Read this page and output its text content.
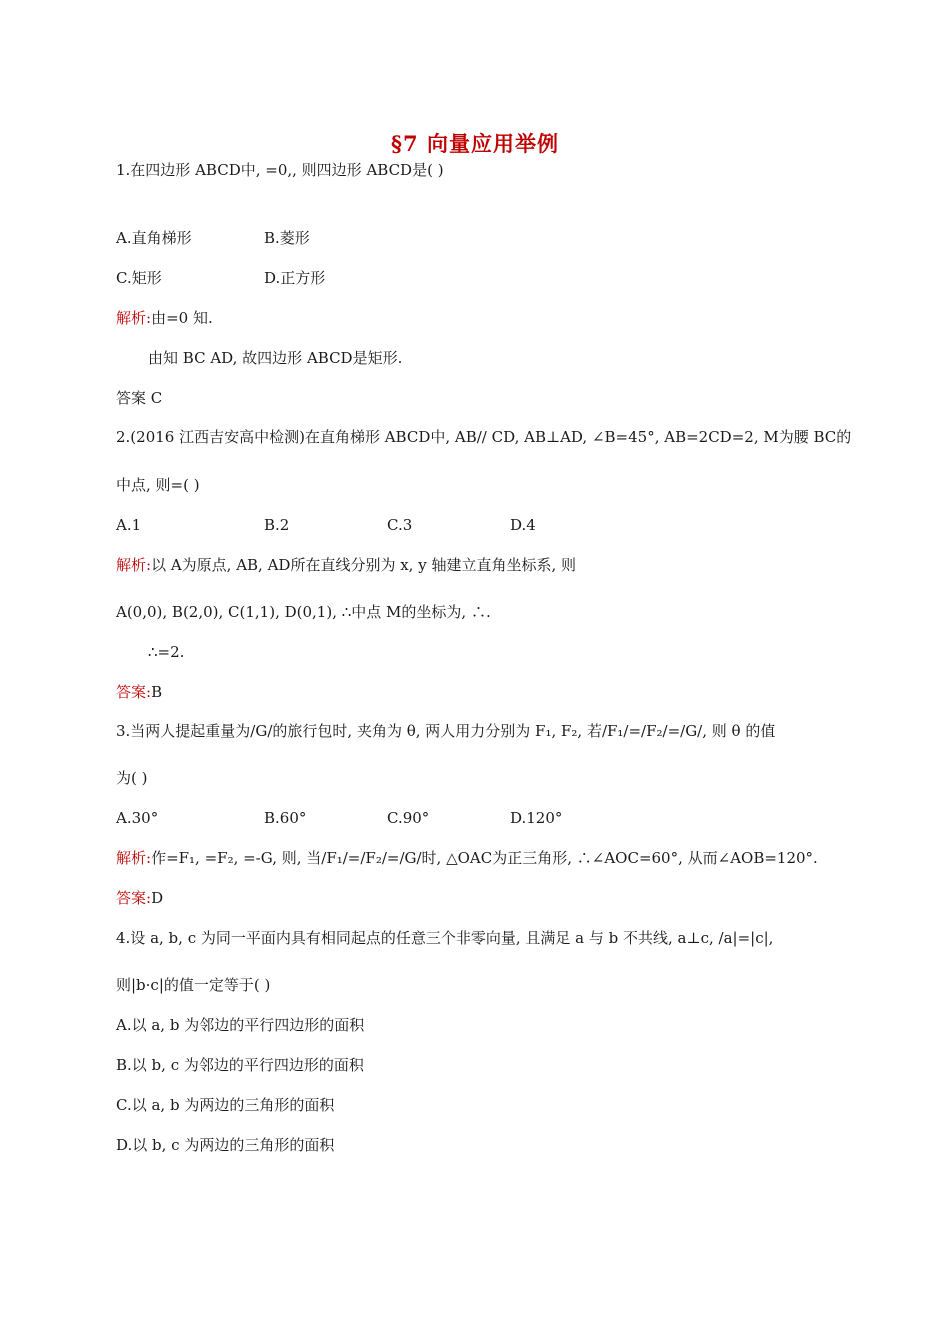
§7 向量应用举例
1.在四边形 ABCD中, =0,, 则四边形 ABCD是( )
A.直角梯形	B.菱形
C.矩形	D.正方形
解析:由=0 知.
由知 BC AD, 故四边形 ABCD是矩形.
答案 C
2.(2016 江西吉安高中检测)在直角梯形 ABCD中, AB// CD, AB⊥AD, ∠B=45°, AB=2CD=2, M为腰 BC的
中点, 则=( )
A.1	B.2	C.3	D.4
解析:以 A为原点, AB, AD所在直线分别为 x, y 轴建立直角坐标系, 则
A(0,0), B(2,0), C(1,1), D(0,1), ∴中点 M的坐标为, ∴.
∴=2.
答案:B
3.当两人提起重量为/G/的旅行包时, 夹角为 θ, 两人用力分别为 F₁, F₂, 若/F₁/=/F₂/=/G/, 则 θ 的值
为( )
A.30°	B.60°	C.90°	D.120°
解析:作=F₁, =F₂, =-G, 则, 当/F₁/=/F₂/=/G/时, △OAC为正三角形, ∴∠AOC=60°, 从而∠AOB=120°.
答案:D
4.设 a, b, c 为同一平面内具有相同起点的任意三个非零向量, 且满足 a 与 b 不共线, a⊥c, /a|=|c|,
则|b·c|的值一定等于( )
A.以 a, b 为邻边的平行四边形的面积
B.以 b, c 为邻边的平行四边形的面积
C.以 a, b 为两边的三角形的面积
D.以 b, c 为两边的三角形的面积
